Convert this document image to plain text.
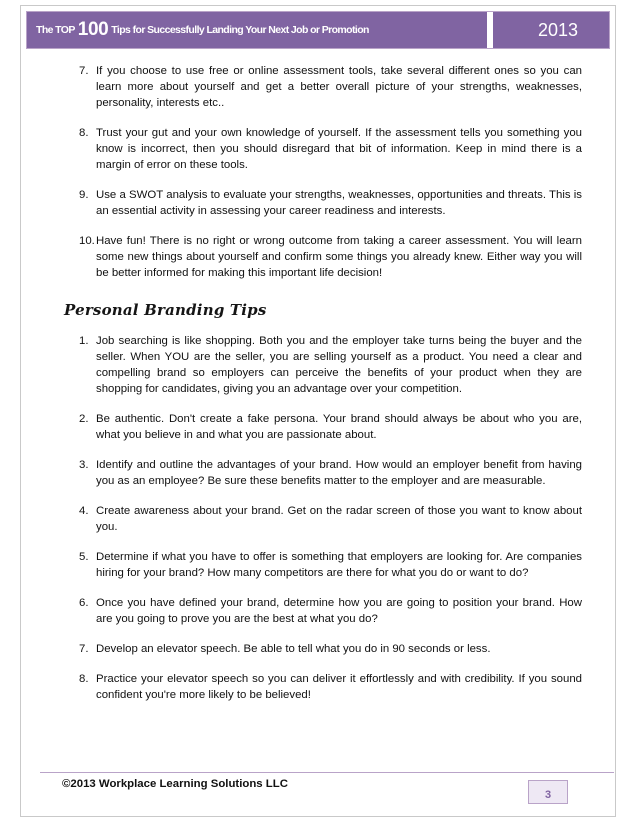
The TOP 100 Tips for Successfully Landing Your Next Job or Promotion	2013
7. If you choose to use free or online assessment tools, take several different ones so you can learn more about yourself and get a better overall picture of your strengths, weaknesses, personality, interests etc..
8. Trust your gut and your own knowledge of yourself. If the assessment tells you something you know is incorrect, then you should disregard that bit of information. Keep in mind there is a margin of error on these tools.
9. Use a SWOT analysis to evaluate your strengths, weaknesses, opportunities and threats. This is an essential activity in assessing your career readiness and interests.
10. Have fun! There is no right or wrong outcome from taking a career assessment. You will learn some new things about yourself and confirm some things you already knew. Either way you will be better informed for making this important life decision!
Personal Branding Tips
1. Job searching is like shopping. Both you and the employer take turns being the buyer and the seller. When YOU are the seller, you are selling yourself as a product. You need a clear and compelling brand so employers can perceive the benefits of your product when they are shopping for candidates, giving you an advantage over your competition.
2. Be authentic. Don't create a fake persona. Your brand should always be about who you are, what you believe in and what you are passionate about.
3. Identify and outline the advantages of your brand. How would an employer benefit from having you as an employee? Be sure these benefits matter to the employer and are measurable.
4. Create awareness about your brand. Get on the radar screen of those you want to know about you.
5. Determine if what you have to offer is something that employers are looking for. Are companies hiring for your brand? How many competitors are there for what you do or want to do?
6. Once you have defined your brand, determine how you are going to position your brand. How are you going to prove you are the best at what you do?
7. Develop an elevator speech. Be able to tell what you do in 90 seconds or less.
8. Practice your elevator speech so you can deliver it effortlessly and with credibility. If you sound confident you're more likely to be believed!
©2013 Workplace Learning Solutions LLC
3
